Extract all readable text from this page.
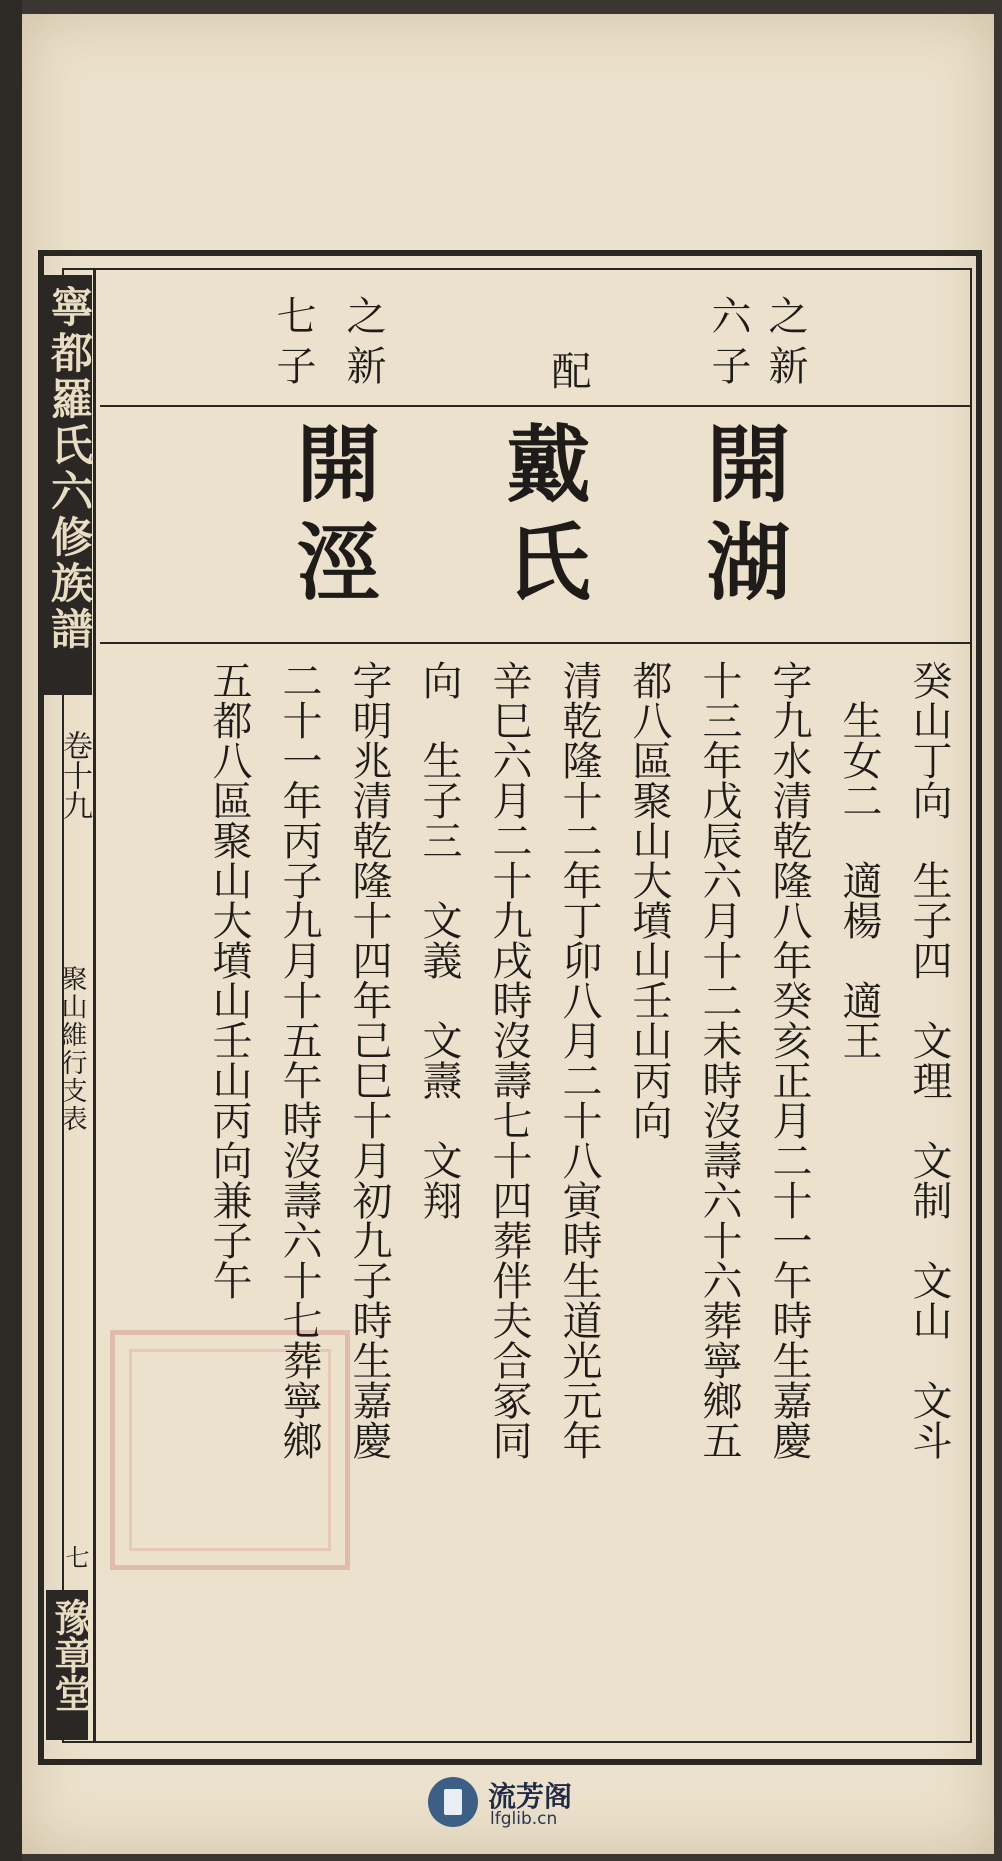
寧都羅氏六修族譜
卷十九
聚山維行支表
七
豫章堂
之新
六子
配
之新
七子
開湖
戴氏
開涇
癸山丁向　生子四　文理　文制　文山　文斗
　生女二　適楊　適王
字九水清乾隆八年癸亥正月二十一午時生嘉慶
十三年戊辰六月十二未時沒壽六十六葬寧鄉五
都八區聚山大墳山壬山丙向
清乾隆十二年丁卯八月二十八寅時生道光元年
辛巳六月二十九戌時沒壽七十四葬伴夫合冢同
向　生子三　文義　文燾　文翔
字明兆清乾隆十四年己巳十月初九子時生嘉慶
二十一年丙子九月十五午時沒壽六十七葬寧鄉
五都八區聚山大墳山壬山丙向兼子午
流芳阁
lfglib.cn
